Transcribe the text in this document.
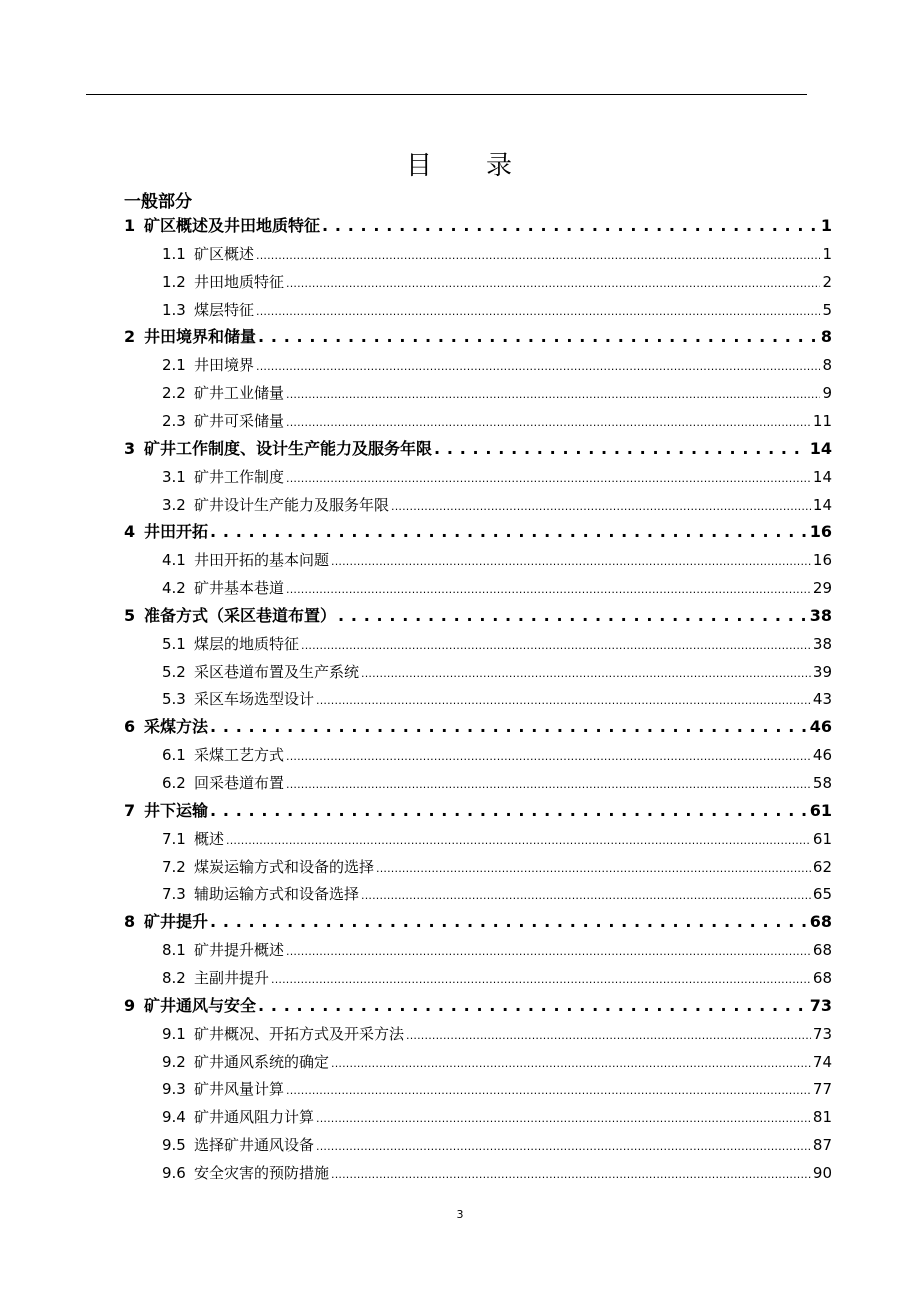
目 录
一般部分
1 矿区概述及井田地质特征 . . .	1
1.1 矿区概述 .....	1
1.2 井田地质特征 .....	2
1.3 煤层特征 .....	5
2 井田境界和储量 . . .	8
2.1 井田境界 .....	8
2.2 矿井工业储量 .....	9
2.3 矿井可采储量 .....	11
3 矿井工作制度、设计生产能力及服务年限 . . .	14
3.1 矿井工作制度 .....	14
3.2 矿井设计生产能力及服务年限 .....	14
4 井田开拓 . . .	16
4.1 井田开拓的基本问题 .....	16
4.2 矿井基本巷道 .....	29
5 准备方式（采区巷道布置） . . .	38
5.1 煤层的地质特征 .....	38
5.2 采区巷道布置及生产系统 .....	39
5.3 采区车场选型设计 .....	43
6 采煤方法 . . .	46
6.1 采煤工艺方式 .....	46
6.2 回采巷道布置 .....	58
7 井下运输 . . .	61
7.1 概述 .....	61
7.2 煤炭运输方式和设备的选择 .....	62
7.3 辅助运输方式和设备选择 .....	65
8 矿井提升 . . .	68
8.1 矿井提升概述 .....	68
8.2 主副井提升 .....	68
9 矿井通风与安全 . . .	73
9.1 矿井概况、开拓方式及开采方法 .....	73
9.2 矿井通风系统的确定 .....	74
9.3 矿井风量计算 .....	77
9.4 矿井通风阻力计算 .....	81
9.5 选择矿井通风设备 .....	87
9.6 安全灾害的预防措施 .....	90
3
